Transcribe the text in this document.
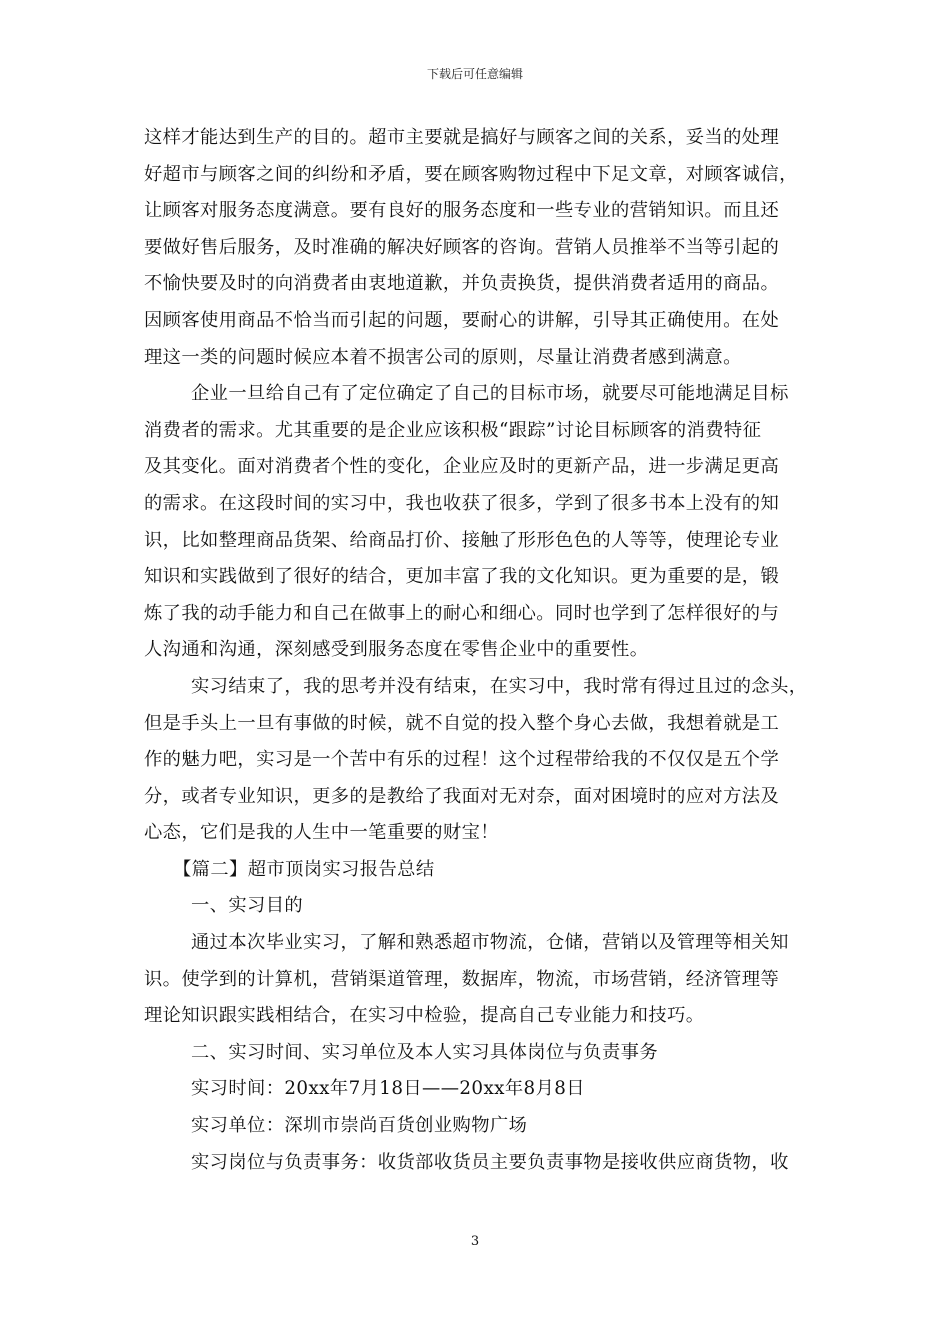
下载后可任意编辑
这样才能达到生产的目的。超市主要就是搞好与顾客之间的关系，妥当的处理
好超市与顾客之间的纠纷和矛盾，要在顾客购物过程中下足文章，对顾客诚信，
让顾客对服务态度满意。要有良好的服务态度和一些专业的营销知识。而且还
要做好售后服务，及时准确的解决好顾客的咨询。营销人员推举不当等引起的
不愉快要及时的向消费者由衷地道歉，并负责换货，提供消费者适用的商品。
因顾客使用商品不恰当而引起的问题，要耐心的讲解，引导其正确使用。在处
理这一类的问题时候应本着不损害公司的原则，尽量让消费者感到满意。
企业一旦给自己有了定位确定了自己的目标市场，就要尽可能地满足目标
消费者的需求。尤其重要的是企业应该积极“跟踪”讨论目标顾客的消费特征
及其变化。面对消费者个性的变化，企业应及时的更新产品，进一步满足更高
的需求。在这段时间的实习中，我也收获了很多，学到了很多书本上没有的知
识，比如整理商品货架、给商品打价、接触了形形色色的人等等，使理论专业
知识和实践做到了很好的结合，更加丰富了我的文化知识。更为重要的是，锻
炼了我的动手能力和自己在做事上的耐心和细心。同时也学到了怎样很好的与
人沟通和沟通，深刻感受到服务态度在零售企业中的重要性。
实习结束了，我的思考并没有结束，在实习中，我时常有得过且过的念头，
但是手头上一旦有事做的时候，就不自觉的投入整个身心去做，我想着就是工
作的魅力吧，实习是一个苦中有乐的过程！这个过程带给我的不仅仅是五个学
分，或者专业知识，更多的是教给了我面对无对奈，面对困境时的应对方法及
心态，它们是我的人生中一笔重要的财宝！
【篇二】超市顶岗实习报告总结
一、实习目的
通过本次毕业实习，了解和熟悉超市物流，仓储，营销以及管理等相关知
识。使学到的计算机，营销渠道管理，数据库，物流，市场营销，经济管理等
理论知识跟实践相结合，在实习中检验，提高自己专业能力和技巧。
二、实习时间、实习单位及本人实习具体岗位与负责事务
实习时间：20xx年7月18日——20xx年8月8日
实习单位：深圳市崇尚百货创业购物广场
实习岗位与负责事务：收货部收货员主要负责事物是接收供应商货物，收
3
